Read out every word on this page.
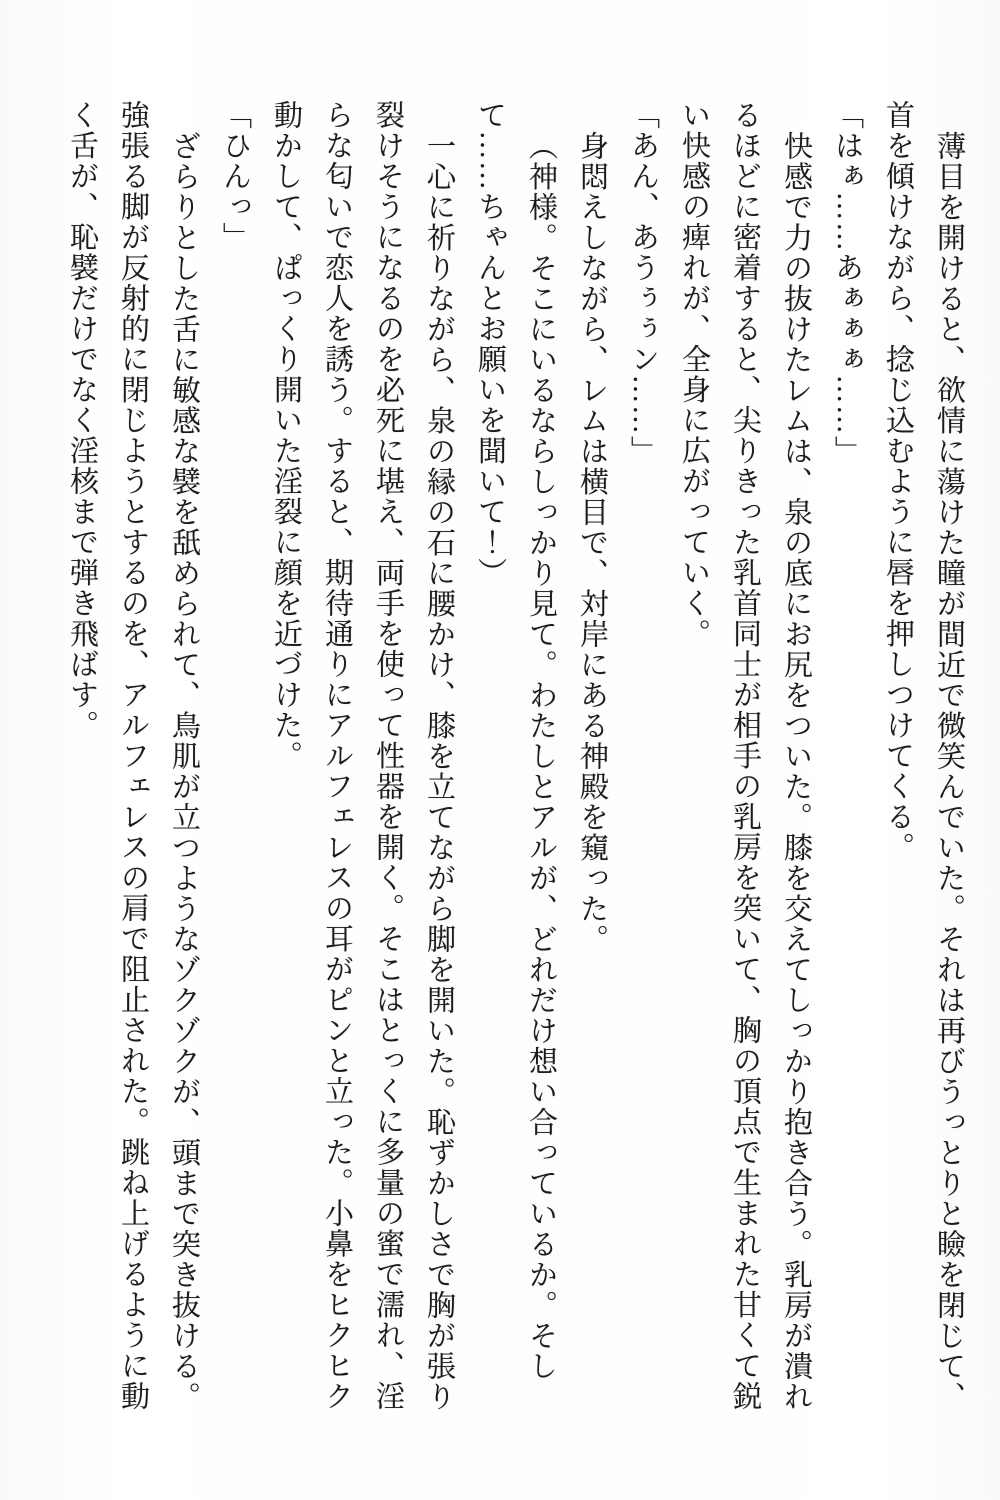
薄目を開けると、欲情に蕩けた瞳が間近で微笑んでいた。それは再びうっとりと瞼を閉じて、
首を傾けながら、捻じ込むように唇を押しつけてくる。
「はぁ……あぁぁぁ……」
快感で力の抜けたレムは、泉の底にお尻をついた。膝を交えてしっかり抱き合う。乳房が潰れ
るほどに密着すると、尖りきった乳首同士が相手の乳房を突いて、胸の頂点で生まれた甘くて鋭
い快感の痺れが、全身に広がっていく。
「あん、あうぅぅン……」
身悶えしながら、レムは横目で、対岸にある神殿を窺った。
（神様。そこにいるならしっかり見て。わたしとアルが、どれだけ想い合っているか。そし
て……ちゃんとお願いを聞いて！）
一心に祈りながら、泉の縁の石に腰かけ、膝を立てながら脚を開いた。恥ずかしさで胸が張り
裂けそうになるのを必死に堪え、両手を使って性器を開く。そこはとっくに多量の蜜で濡れ、淫
らな匂いで恋人を誘う。すると、期待通りにアルフェレスの耳がピンと立った。小鼻をヒクヒク
動かして、ぱっくり開いた淫裂に顔を近づけた。
「ひんっ」
ざらりとした舌に敏感な襞を舐められて、鳥肌が立つようなゾクゾクが、頭まで突き抜ける。
強張る脚が反射的に閉じようとするのを、アルフェレスの肩で阻止された。跳ね上げるように動
く舌が、恥襞だけでなく淫核まで弾き飛ばす。
